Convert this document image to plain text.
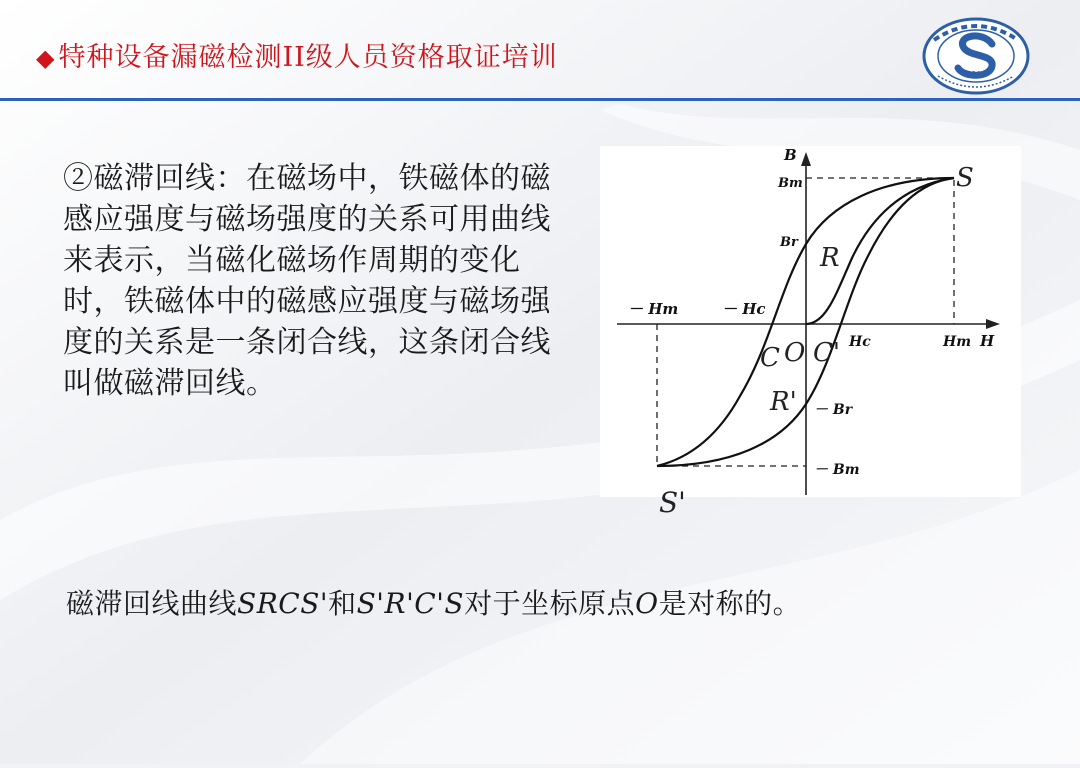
◆ 特种设备漏磁检测II级人员资格取证培训
1949
②磁滞回线：在磁场中，铁磁体的磁感应强度与磁场强度的关系可用曲线来表示，当磁化磁场作周期的变化时，铁磁体中的磁感应强度与磁场强度的关系是一条闭合线，这条闭合线叫做磁滞回线。
B
Bm
Br
R
－ Hm	－ Hc
C O C' Hc	Hm H
R' － Br
－ Bm
S
S'
磁滞回线曲线SRCS'和S'R'C'S对于坐标原点O是对称的。
